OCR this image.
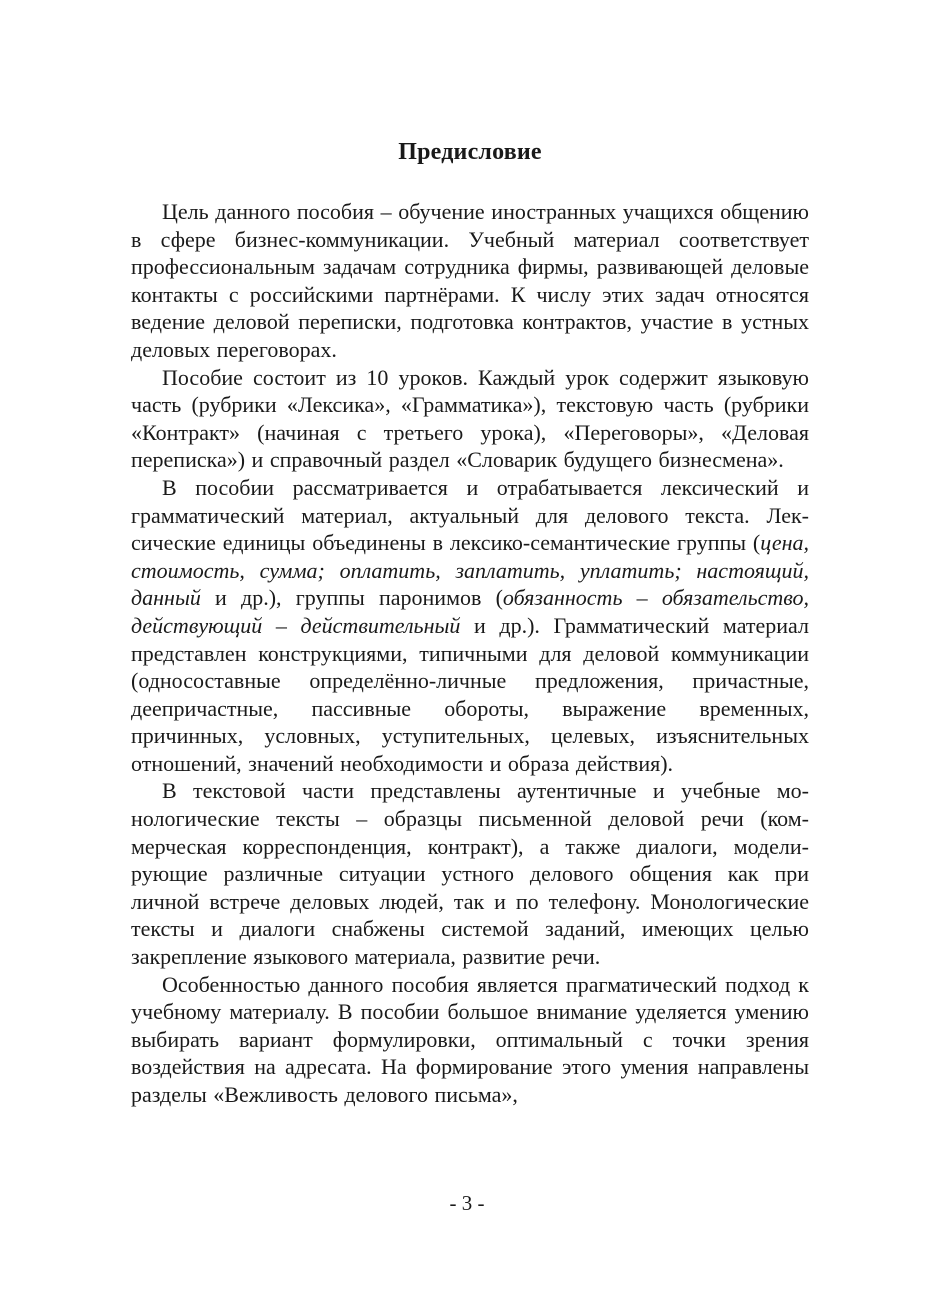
Предисловие

Цель данного пособия – обучение иностранных учащихся общению в сфере бизнес-коммуникации. Учебный материал соответствует профессиональным задачам сотрудника фирмы, развивающей деловые контакты с российскими партнёрами. К числу этих задач относятся ведение деловой переписки, подготовка контрактов, участие в устных деловых переговорах.

Пособие состоит из 10 уроков. Каждый урок содержит языковую часть (рубрики «Лексика», «Грамматика»), текстовую часть (рубрики «Контракт» (начиная с третьего урока), «Переговоры», «Деловая переписка») и справочный раздел «Словарик будущего бизнесмена».

В пособии рассматривается и отрабатывается лексический и грамматический материал, актуальный для делового текста. Лексические единицы объединены в лексико-семантические группы (цена, стоимость, сумма; оплатить, заплатить, уплатить; настоящий, данный и др.), группы паронимов (обязанность – обязательство, действующий – действительный и др.). Грамматический материал представлен конструкциями, типичными для деловой коммуникации (односоставные определённо-личные предложения, причастные, деепричастные, пассивные обороты, выражение временных, причинных, условных, уступительных, целевых, изъяснительных отношений, значений необходимости и образа действия).

В текстовой части представлены аутентичные и учебные монологические тексты – образцы письменной деловой речи (коммерческая корреспонденция, контракт), а также диалоги, моделирующие различные ситуации устного делового общения как при личной встрече деловых людей, так и по телефону. Монологические тексты и диалоги снабжены системой заданий, имеющих целью закрепление языкового материала, развитие речи.

Особенностью данного пособия является прагматический подход к учебному материалу. В пособии большое внимание уделяется умению выбирать вариант формулировки, оптимальный с точки зрения воздействия на адресата. На формирование этого умения направлены разделы «Вежливость делового письма»,

- 3 -
